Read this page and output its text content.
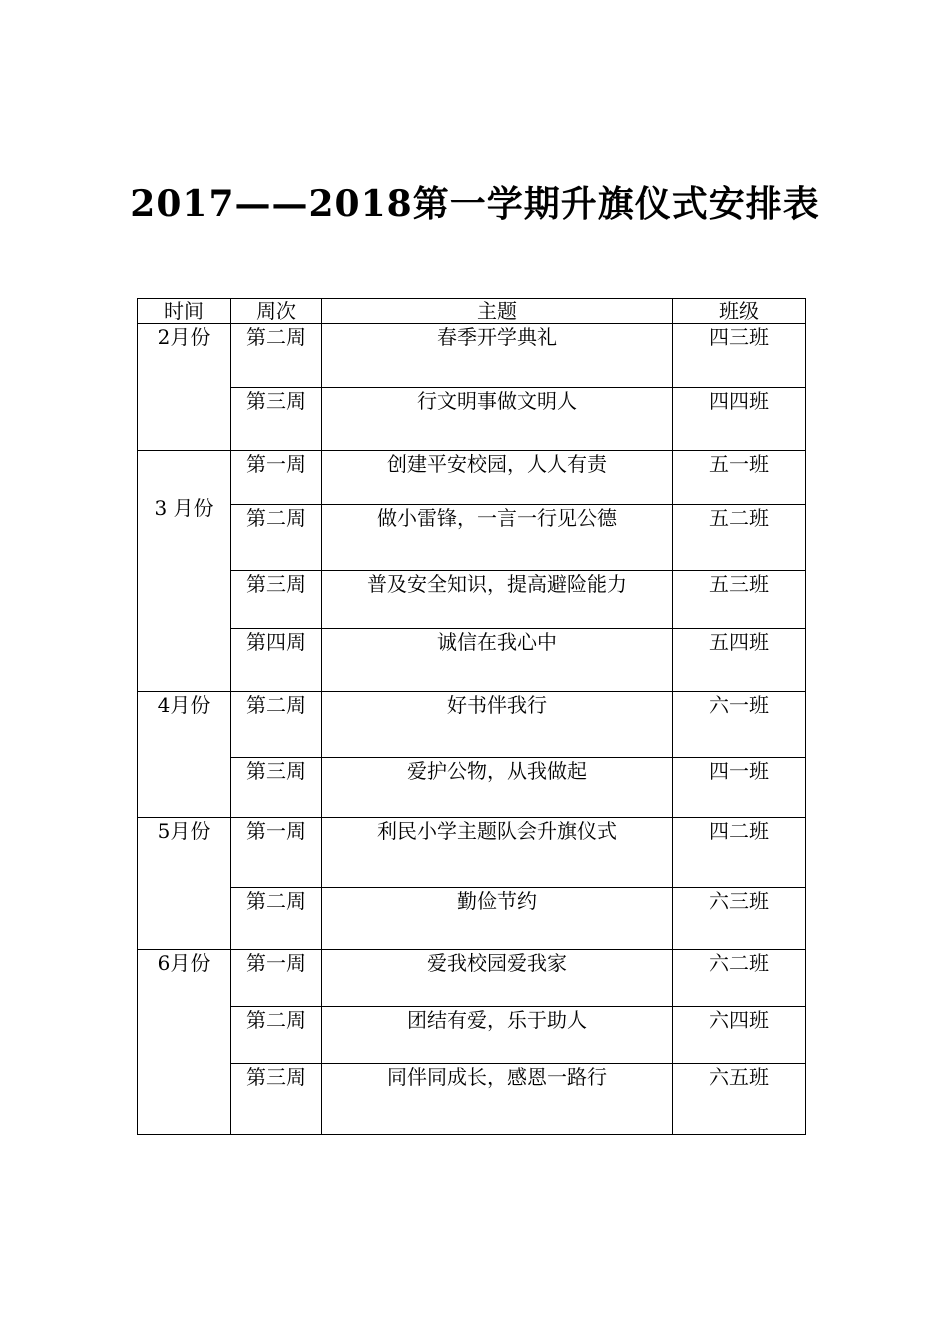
2017——2018第一学期升旗仪式安排表
时间	周次	主题	班级
2月份	第二周	春季开学典礼	四三班
	第三周	行文明事做文明人	四四班
3 月份	第一周	创建平安校园，人人有责	五一班
	第二周	做小雷锋，一言一行见公德	五二班
	第三周	普及安全知识，提高避险能力	五三班
	第四周	诚信在我心中	五四班
4月份	第二周	好书伴我行	六一班
	第三周	爱护公物，从我做起	四一班
5月份	第一周	利民小学主题队会升旗仪式	四二班
	第二周	勤俭节约	六三班
6月份	第一周	爱我校园爱我家	六二班
	第二周	团结有爱，乐于助人	六四班
	第三周	同伴同成长，感恩一路行	六五班
